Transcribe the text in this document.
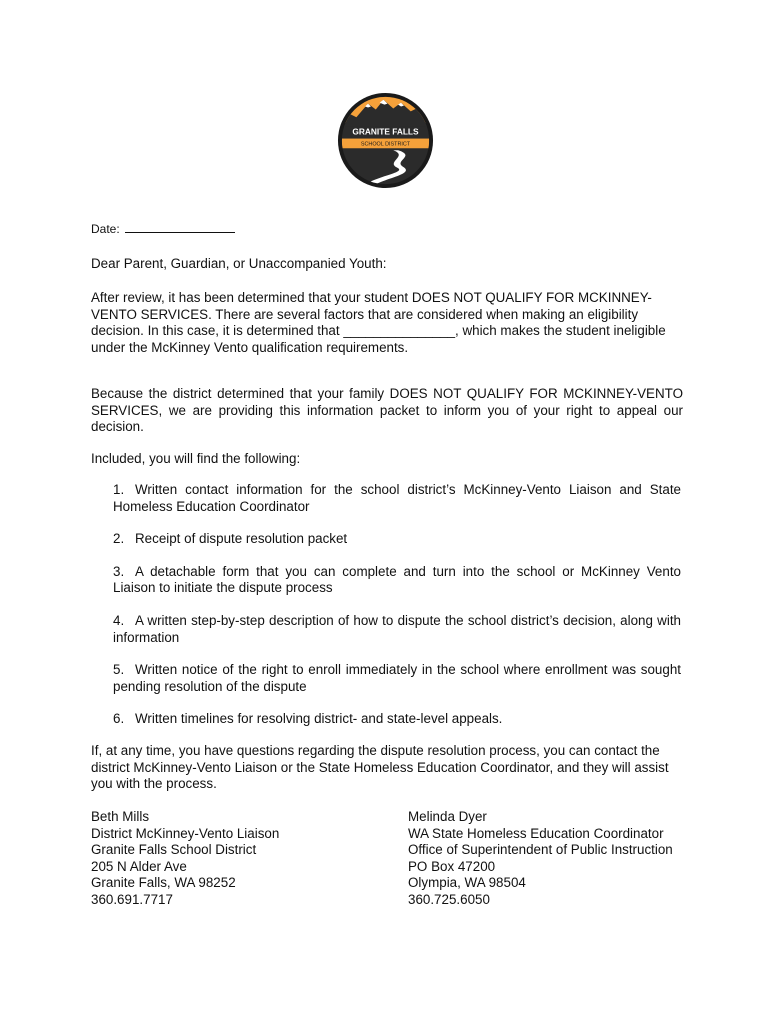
GRANITE FALLS
SCHOOL DISTRICT
Date:
Dear Parent, Guardian, or Unaccompanied Youth:
After review, it has been determined that your student DOES NOT QUALIFY FOR MCKINNEY-VENTO SERVICES. There are several factors that are considered when making an eligibility decision. In this case, it is determined that _______________, which makes the student ineligible under the McKinney Vento qualification requirements.
Because the district determined that your family DOES NOT QUALIFY FOR MCKINNEY-VENTO SERVICES, we are providing this information packet to inform you of your right to appeal our decision.
Included, you will find the following:
1. Written contact information for the school district’s McKinney-Vento Liaison and State Homeless Education Coordinator
2. Receipt of dispute resolution packet
3. A detachable form that you can complete and turn into the school or McKinney Vento Liaison to initiate the dispute process
4. A written step-by-step description of how to dispute the school district’s decision, along with information
5. Written notice of the right to enroll immediately in the school where enrollment was sought pending resolution of the dispute
6. Written timelines for resolving district- and state-level appeals.
If, at any time, you have questions regarding the dispute resolution process, you can contact the district McKinney-Vento Liaison or the State Homeless Education Coordinator, and they will assist you with the process.
Beth Mills
District McKinney-Vento Liaison
Granite Falls School District
205 N Alder Ave
Granite Falls, WA 98252
360.691.7717
Melinda Dyer
WA State Homeless Education Coordinator
Office of Superintendent of Public Instruction
PO Box 47200
Olympia, WA 98504
360.725.6050
